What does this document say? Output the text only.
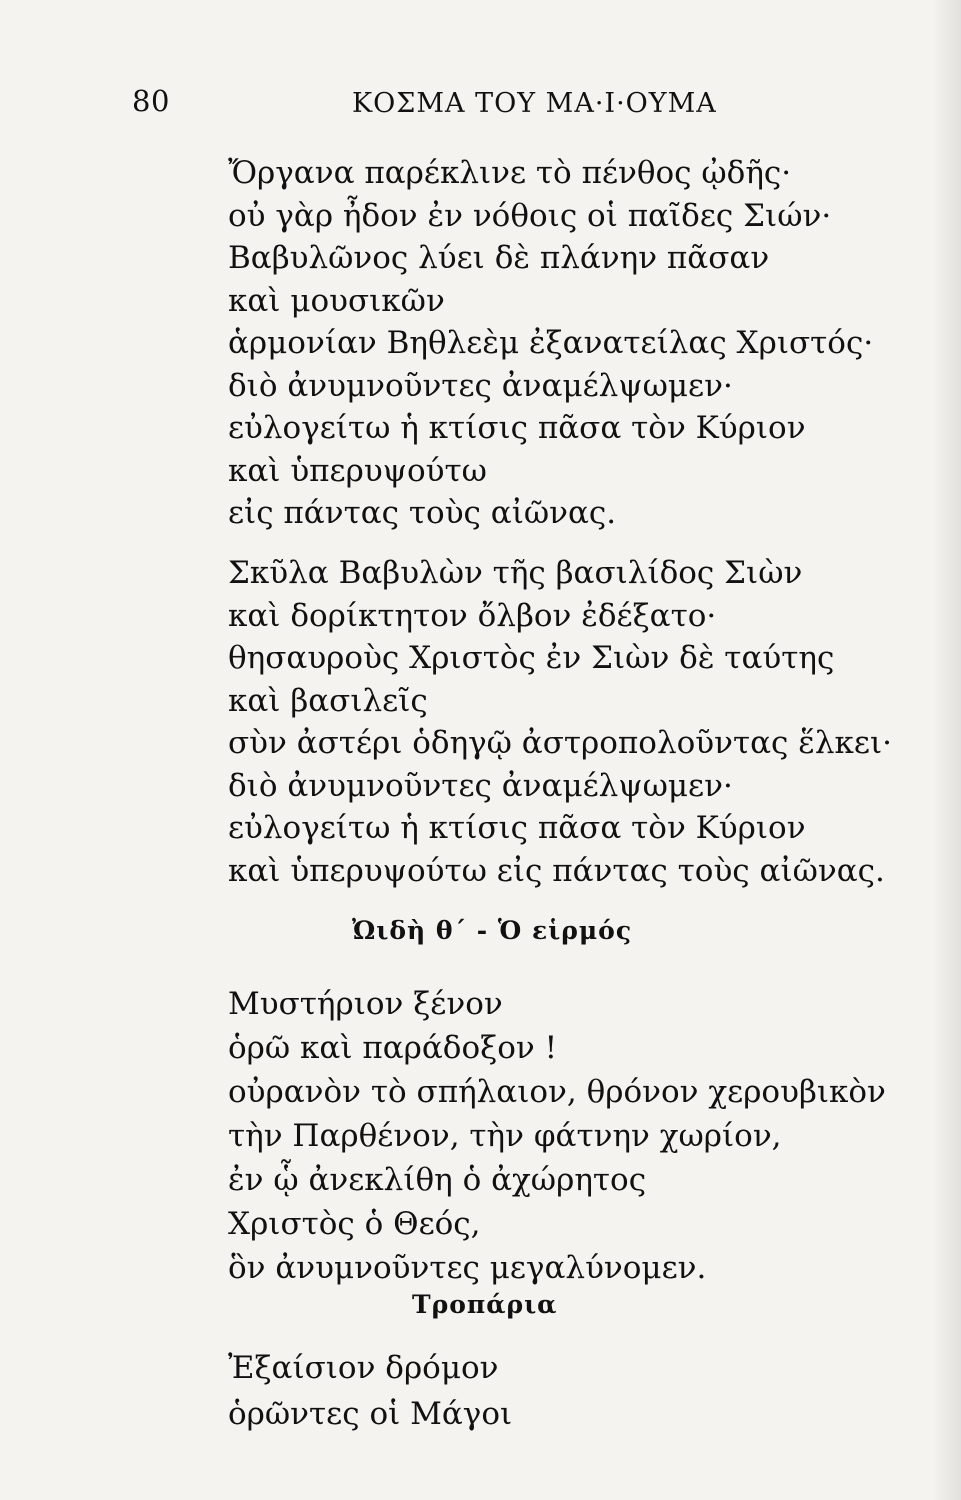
80	ΚΟΣΜΑ ΤΟΥ ΜΑ·Ι·ΟΥΜΑ
Ὄργανα παρέκλινε τὸ πένθος ᾠδῆς·
οὐ γὰρ ἦδον ἐν νόθοις οἱ παῖδες Σιών·
Βαβυλῶνος λύει δὲ πλάνην πᾶσαν
καὶ μουσικῶν
ἁρμονίαν Βηθλεὲμ ἐξανατείλας Χριστός·
διὸ ἀνυμνοῦντες ἀναμέλψωμεν·
εὐλογείτω ἡ κτίσις πᾶσα τὸν Κύριον
καὶ ὑπερυψούτω
εἰς πάντας τοὺς αἰῶνας.
Σκῦλα Βαβυλὼν τῆς βασιλίδος Σιὼν
καὶ δορίκτητον ὄλβον ἐδέξατο·
θησαυροὺς Χριστὸς ἐν Σιὼν δὲ ταύτης
καὶ βασιλεῖς
σὺν ἀστέρι ὁδηγῷ ἀστροπολοῦντας ἕλκει·
διὸ ἀνυμνοῦντες ἀναμέλψωμεν·
εὐλογείτω ἡ κτίσις πᾶσα τὸν Κύριον
καὶ ὑπερυψούτω εἰς πάντας τοὺς αἰῶνας.
Ὠιδὴ θ΄ - Ὁ εἱρμός
Μυστήριον ξένον
ὁρῶ καὶ παράδοξον !
οὐρανὸν τὸ σπήλαιον, θρόνον χερουβικὸν
τὴν Παρθένον, τὴν φάτνην χωρίον,
ἐν ᾧ ἀνεκλίθη ὁ ἀχώρητος
Χριστὸς ὁ Θεός,
ὃν ἀνυμνοῦντες μεγαλύνομεν.
Τροπάρια
Ἐξαίσιον δρόμον
ὁρῶντες οἱ Μάγοι
